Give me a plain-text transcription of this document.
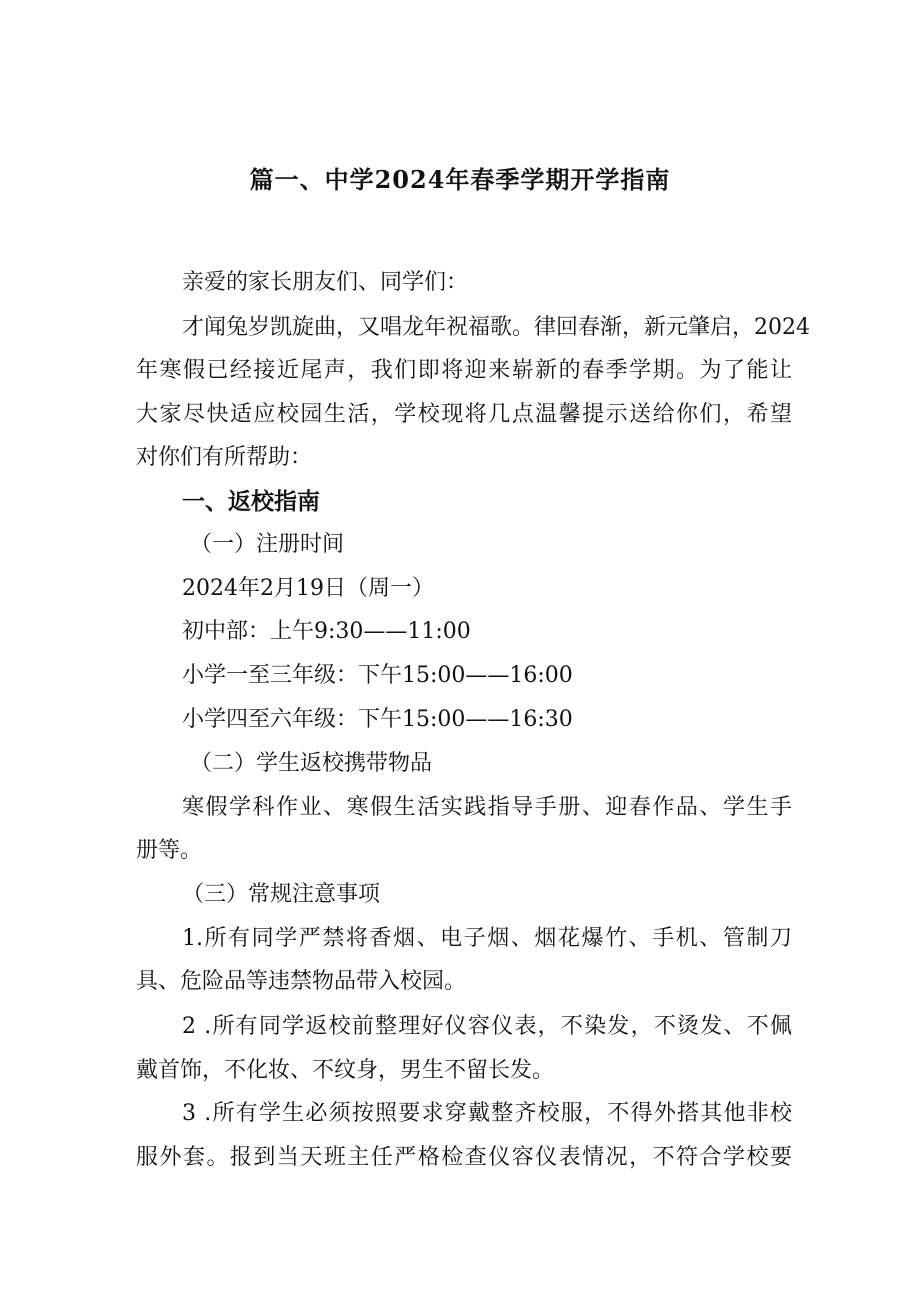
篇一、中学2024年春季学期开学指南
亲爱的家长朋友们、同学们：
才闻兔岁凯旋曲，又唱龙年祝福歌。律回春渐，新元肇启，2024
年寒假已经接近尾声，我们即将迎来崭新的春季学期。为了能让
大家尽快适应校园生活，学校现将几点温馨提示送给你们，希望
对你们有所帮助：
一、返校指南
（一）注册时间
2024年2月19日（周一）
初中部：上午9:30——11:00
小学一至三年级：下午15:00——16:00
小学四至六年级：下午15:00——16:30
（二）学生返校携带物品
寒假学科作业、寒假生活实践指导手册、迎春作品、学生手
册等。
（三）常规注意事项
1.所有同学严禁将香烟、电子烟、烟花爆竹、手机、管制刀
具、危险品等违禁物品带入校园。
2 .所有同学返校前整理好仪容仪表，不染发，不烫发、不佩
戴首饰，不化妆、不纹身，男生不留长发。
3 .所有学生必须按照要求穿戴整齐校服，不得外搭其他非校
服外套。报到当天班主任严格检查仪容仪表情况，不符合学校要
